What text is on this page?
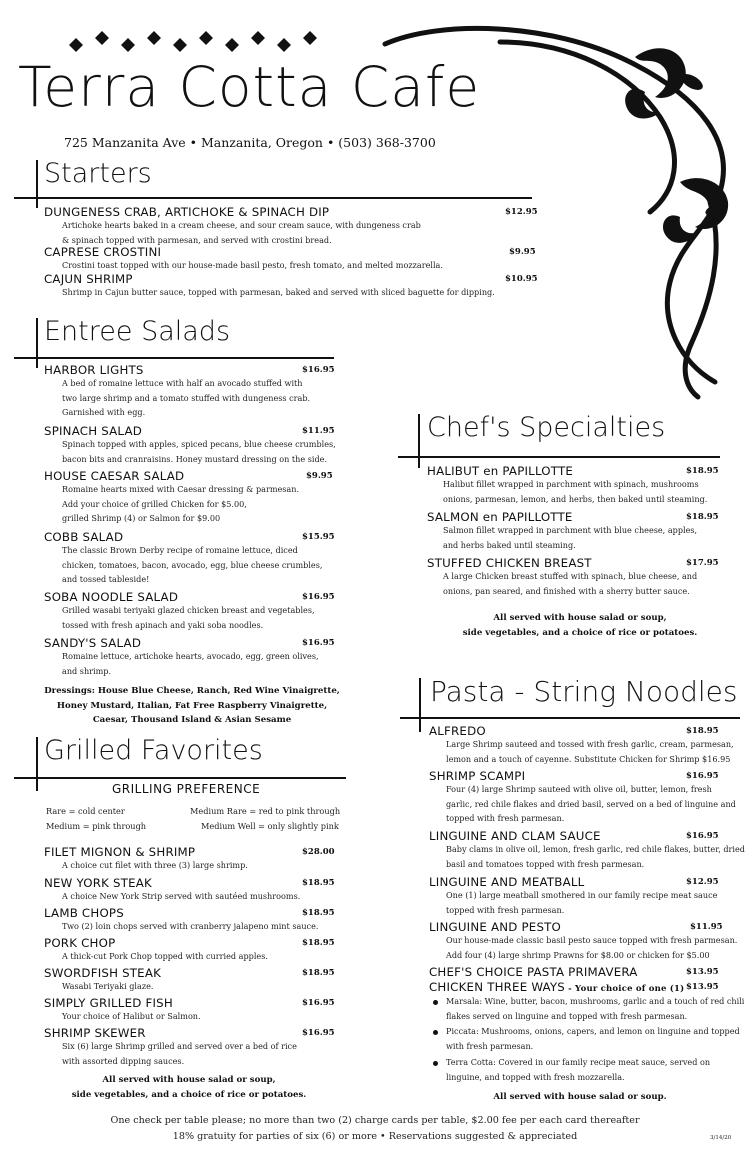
Terra Cotta Cafe
725 Manzanita Ave • Manzanita, Oregon • (503) 368-3700
Starters
DUNGENESS CRAB, ARTICHOKE & SPINACH DIP	$12.95
Artichoke hearts baked in a cream cheese, and sour cream sauce, with dungeness crab
& spinach topped with parmesan, and served with crostini bread.
CAPRESE CROSTINI	$9.95
Crostini toast topped with our house-made basil pesto, fresh tomato, and melted mozzarella.
CAJUN SHRIMP	$10.95
Shrimp in Cajun butter sauce, topped with parmesan, baked and served with sliced baguette for dipping.
Entree Salads
HARBOR LIGHTS	$16.95
A bed of romaine lettuce with half an avocado stuffed with
two large shrimp and a tomato stuffed with dungeness crab.
Garnished with egg.
SPINACH SALAD	$11.95
Spinach topped with apples, spiced pecans, blue cheese crumbles,
bacon bits and cranraisins. Honey mustard dressing on the side.
HOUSE CAESAR SALAD	$9.95
Romaine hearts mixed with Caesar dressing & parmesan.
Add your choice of grilled Chicken for $5.00,
grilled Shrimp (4) or Salmon for $9.00
COBB SALAD	$15.95
The classic Brown Derby recipe of romaine lettuce, diced
chicken, tomatoes, bacon, avocado, egg, blue cheese crumbles,
and tossed tableside!
SOBA NOODLE SALAD	$16.95
Grilled wasabi teriyaki glazed chicken breast and vegetables,
tossed with fresh apinach and yaki soba noodles.
SANDY'S SALAD	$16.95
Romaine lettuce, artichoke hearts, avocado, egg, green olives,
and shrimp.
Dressings: House Blue Cheese, Ranch, Red Wine Vinaigrette,
Honey Mustard, Italian, Fat Free Raspberry Vinaigrette,
Caesar, Thousand Island & Asian Sesame
Grilled Favorites
GRILLING PREFERENCE
Rare = cold center	Medium Rare = red to pink through
Medium = pink through	Medium Well = only slightly pink
FILET MIGNON & SHRIMP	$28.00
A choice cut filet with three (3) large shrimp.
NEW YORK STEAK	$18.95
A choice New York Strip served with sautéed mushrooms.
LAMB CHOPS	$18.95
Two (2) loin chops served with cranberry jalapeno mint sauce.
PORK CHOP	$18.95
A thick-cut Pork Chop topped with curried apples.
SWORDFISH STEAK	$18.95
Wasabi Teriyaki glaze.
SIMPLY GRILLED FISH	$16.95
Your choice of Halibut or Salmon.
SHRIMP SKEWER	$16.95
Six (6) large Shrimp grilled and served over a bed of rice
with assorted dipping sauces.
All served with house salad or soup,
side vegetables, and a choice of rice or potatoes.
Chef's Specialties
HALIBUT en PAPILLOTTE	$18.95
Halibut fillet wrapped in parchment with spinach, mushrooms
onions, parmesan, lemon, and herbs, then baked until steaming.
SALMON en PAPILLOTTE	$18.95
Salmon fillet wrapped in parchment with blue cheese, apples,
and herbs baked until steaming.
STUFFED CHICKEN BREAST	$17.95
A large Chicken breast stuffed with spinach, blue cheese, and
onions, pan seared, and finished with a sherry butter sauce.
All served with house salad or soup,
side vegetables, and a choice of rice or potatoes.
Pasta - String Noodles
ALFREDO	$18.95
Large Shrimp sauteed and tossed with fresh garlic, cream, parmesan,
lemon and a touch of cayenne. Substitute Chicken for Shrimp $16.95
SHRIMP SCAMPI	$16.95
Four (4) large Shrimp sauteed with olive oil, butter, lemon, fresh
garlic, red chile flakes and dried basil, served on a bed of linguine and
topped with fresh parmesan.
LINGUINE AND CLAM SAUCE	$16.95
Baby clams in olive oil, lemon, fresh garlic, red chile flakes, butter, dried
basil and tomatoes topped with fresh parmesan.
LINGUINE AND MEATBALL	$12.95
One (1) large meatball smothered in our family recipe meat sauce
topped with fresh parmesan.
LINGUINE AND PESTO	$11.95
Our house-made classic basil pesto sauce topped with fresh parmesan.
Add four (4) large shrimp Prawns for $8.00 or chicken for $5.00
CHEF'S CHOICE PASTA PRIMAVERA	$13.95
CHICKEN THREE WAYS - Your choice of one (1) $13.95
Marsala: Wine, butter, bacon, mushrooms, garlic and a touch of red chili
flakes served on linguine and topped with fresh parmesan.
Piccata: Mushrooms, onions, capers, and lemon on linguine and topped
with fresh parmesan.
Terra Cotta: Covered in our family recipe meat sauce, served on
linguine, and topped with fresh mozzarella.
All served with house salad or soup.
One check per table please; no more than two (2) charge cards per table, $2.00 fee per each card thereafter
18% gratuity for parties of six (6) or more • Reservations suggested & appreciated	3/14/20
